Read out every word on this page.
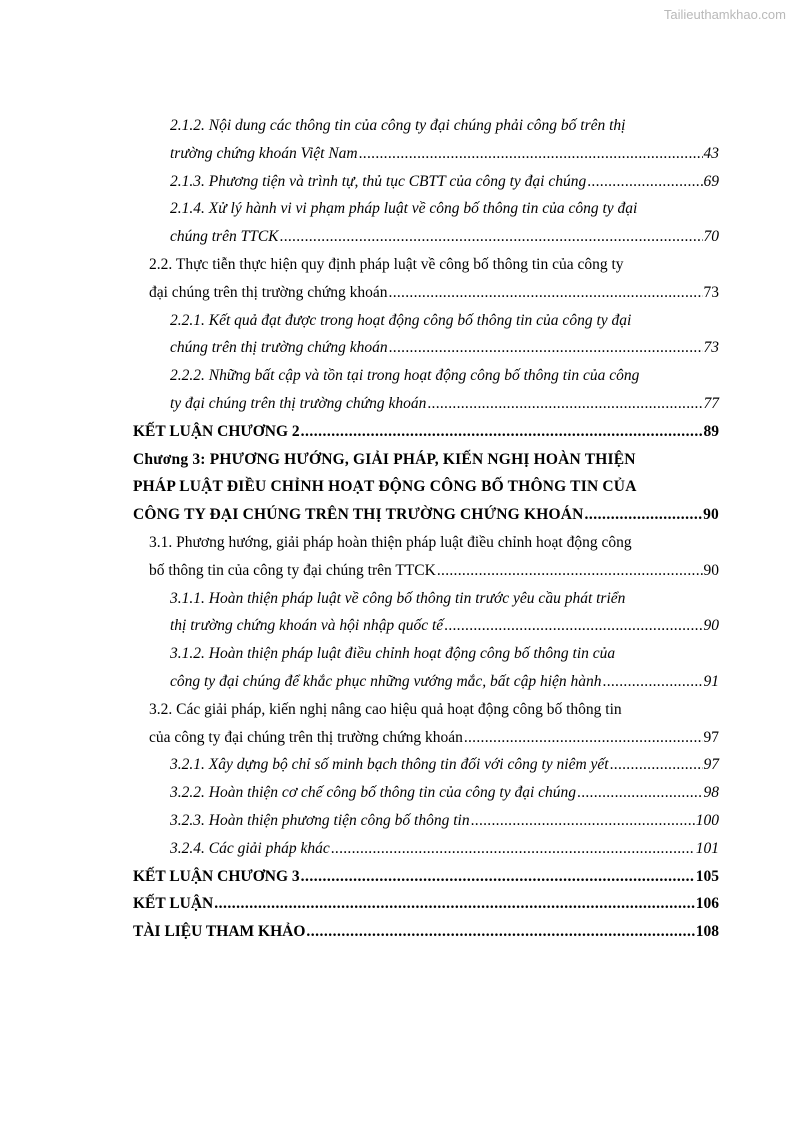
Tailieuthamkhao.com
2.1.2. Nội dung các thông tin của công ty đại chúng phải công bố trên thị
trường chứng khoán Việt Nam .....	43
2.1.3. Phương tiện và trình tự, thủ tục CBTT của công ty đại chúng .....	69
2.1.4. Xử lý hành vi vi phạm pháp luật về công bố thông tin của công ty đại
chúng trên TTCK .....	70
2.2. Thực tiễn thực hiện quy định pháp luật về công bố thông tin của công ty
đại chúng trên thị trường chứng khoán .....	73
2.2.1. Kết quả đạt được trong hoạt động công bố thông tin của công ty đại
chúng trên thị trường chứng khoán .....	73
2.2.2. Những bất cập và tồn tại trong hoạt động công bố thông tin của công
ty đại chúng trên thị trường chứng khoán .....	77
KẾT LUẬN CHƯƠNG 2 .....	89
Chương 3: PHƯƠNG HƯỚNG, GIẢI PHÁP, KIẾN NGHỊ HOÀN THIỆN
PHÁP LUẬT ĐIỀU CHỈNH HOẠT ĐỘNG CÔNG BỐ THÔNG TIN CỦA
CÔNG TY ĐẠI CHÚNG TRÊN THỊ TRƯỜNG CHỨNG KHOÁN .....	90
3.1. Phương hướng, giải pháp hoàn thiện pháp luật điều chỉnh hoạt động công
bố thông tin của công ty đại chúng trên TTCK .....	90
3.1.1. Hoàn thiện pháp luật về công bố thông tin trước yêu cầu phát triển
thị trường chứng khoán và hội nhập quốc tế .....	90
3.1.2. Hoàn thiện pháp luật điều chỉnh hoạt động công bố thông tin của
công ty đại chúng để khắc phục những vướng mắc, bất cập hiện hành .....	91
3.2. Các giải pháp, kiến nghị nâng cao hiệu quả hoạt động công bố thông tin
của công ty đại chúng trên thị trường chứng khoán .....	97
3.2.1. Xây dựng bộ chỉ số minh bạch thông tin đối với công ty niêm yết .....	97
3.2.2. Hoàn thiện cơ chế công bố thông tin của công ty đại chúng .....	98
3.2.3. Hoàn thiện phương tiện công bố thông tin .....	100
3.2.4. Các giải pháp khác .....	101
KẾT LUẬN CHƯƠNG 3 .....	105
KẾT LUẬN .....	106
TÀI LIỆU THAM KHẢO .....	108
